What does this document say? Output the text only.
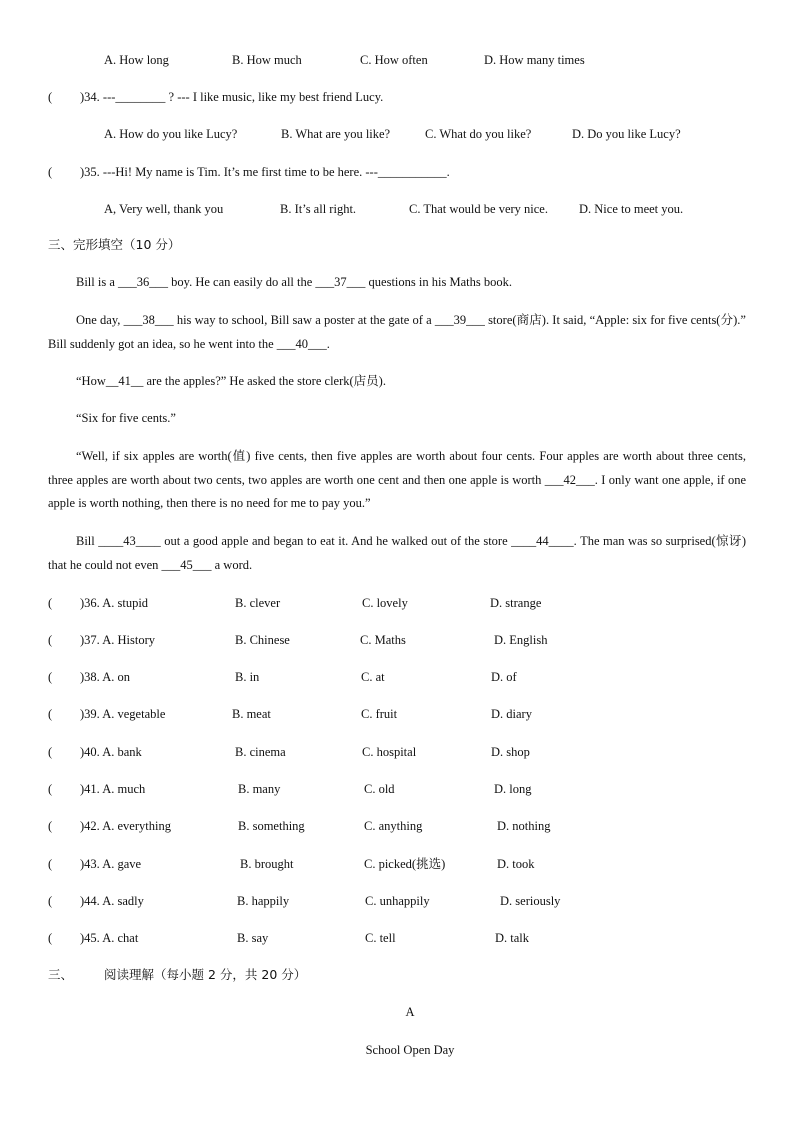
A. How long	B. How much	C. How often	D. How many times
( )34. ---________ ? --- I like music, like my best friend Lucy.
A. How do you like Lucy?	B. What are you like?	C. What do you like?	D. Do you like Lucy?
( )35. ---Hi! My name is Tim. It’s me first time to be here. ---___________.
A, Very well, thank you	B. It’s all right.	C. That would be very nice. D. Nice to meet you.
三、完形填空（10 分）
Bill is a ___36___ boy. He can easily do all the ___37___ questions in his Maths book.
One day, ___38___ his way to school, Bill saw a poster at the gate of a ___39___ store(商店). It said, “Apple: six for five cents(分).” Bill suddenly got an idea, so he went into the ___40___.
“How__41__ are the apples?” He asked the store clerk(店员).
“Six for five cents.”
“Well, if six apples are worth(值) five cents, then five apples are worth about four cents. Four apples are worth about three cents, three apples are worth about two cents, two apples are worth one cent and then one apple is worth ___42___. I only want one apple, if one apple is worth nothing, then there is no need for me to pay you.”
Bill ____43____ out a good apple and began to eat it. And he walked out of the store ____44____. The man was so surprised(惊讶) that he could not even ___45___ a word.
( )36. A. stupid	B. clever	C. lovely	D. strange
( )37. A. History	B. Chinese	C. Maths	D. English
( )38. A. on	B. in	C. at	D. of
( )39. A. vegetable	B. meat	C. fruit	D. diary
( )40. A. bank	B. cinema	C. hospital	D. shop
( )41. A. much	B. many	C. old	D. long
( )42. A. everything	B. something	C. anything	D. nothing
( )43. A. gave	B. brought	C. picked(挑选)	D. took
( )44. A. sadly	B. happily	C. unhappily	D. seriously
( )45. A. chat	B. say	C. tell	D. talk
三、 阅读理解（每小题 2 分，共 20 分）
A
School Open Day
